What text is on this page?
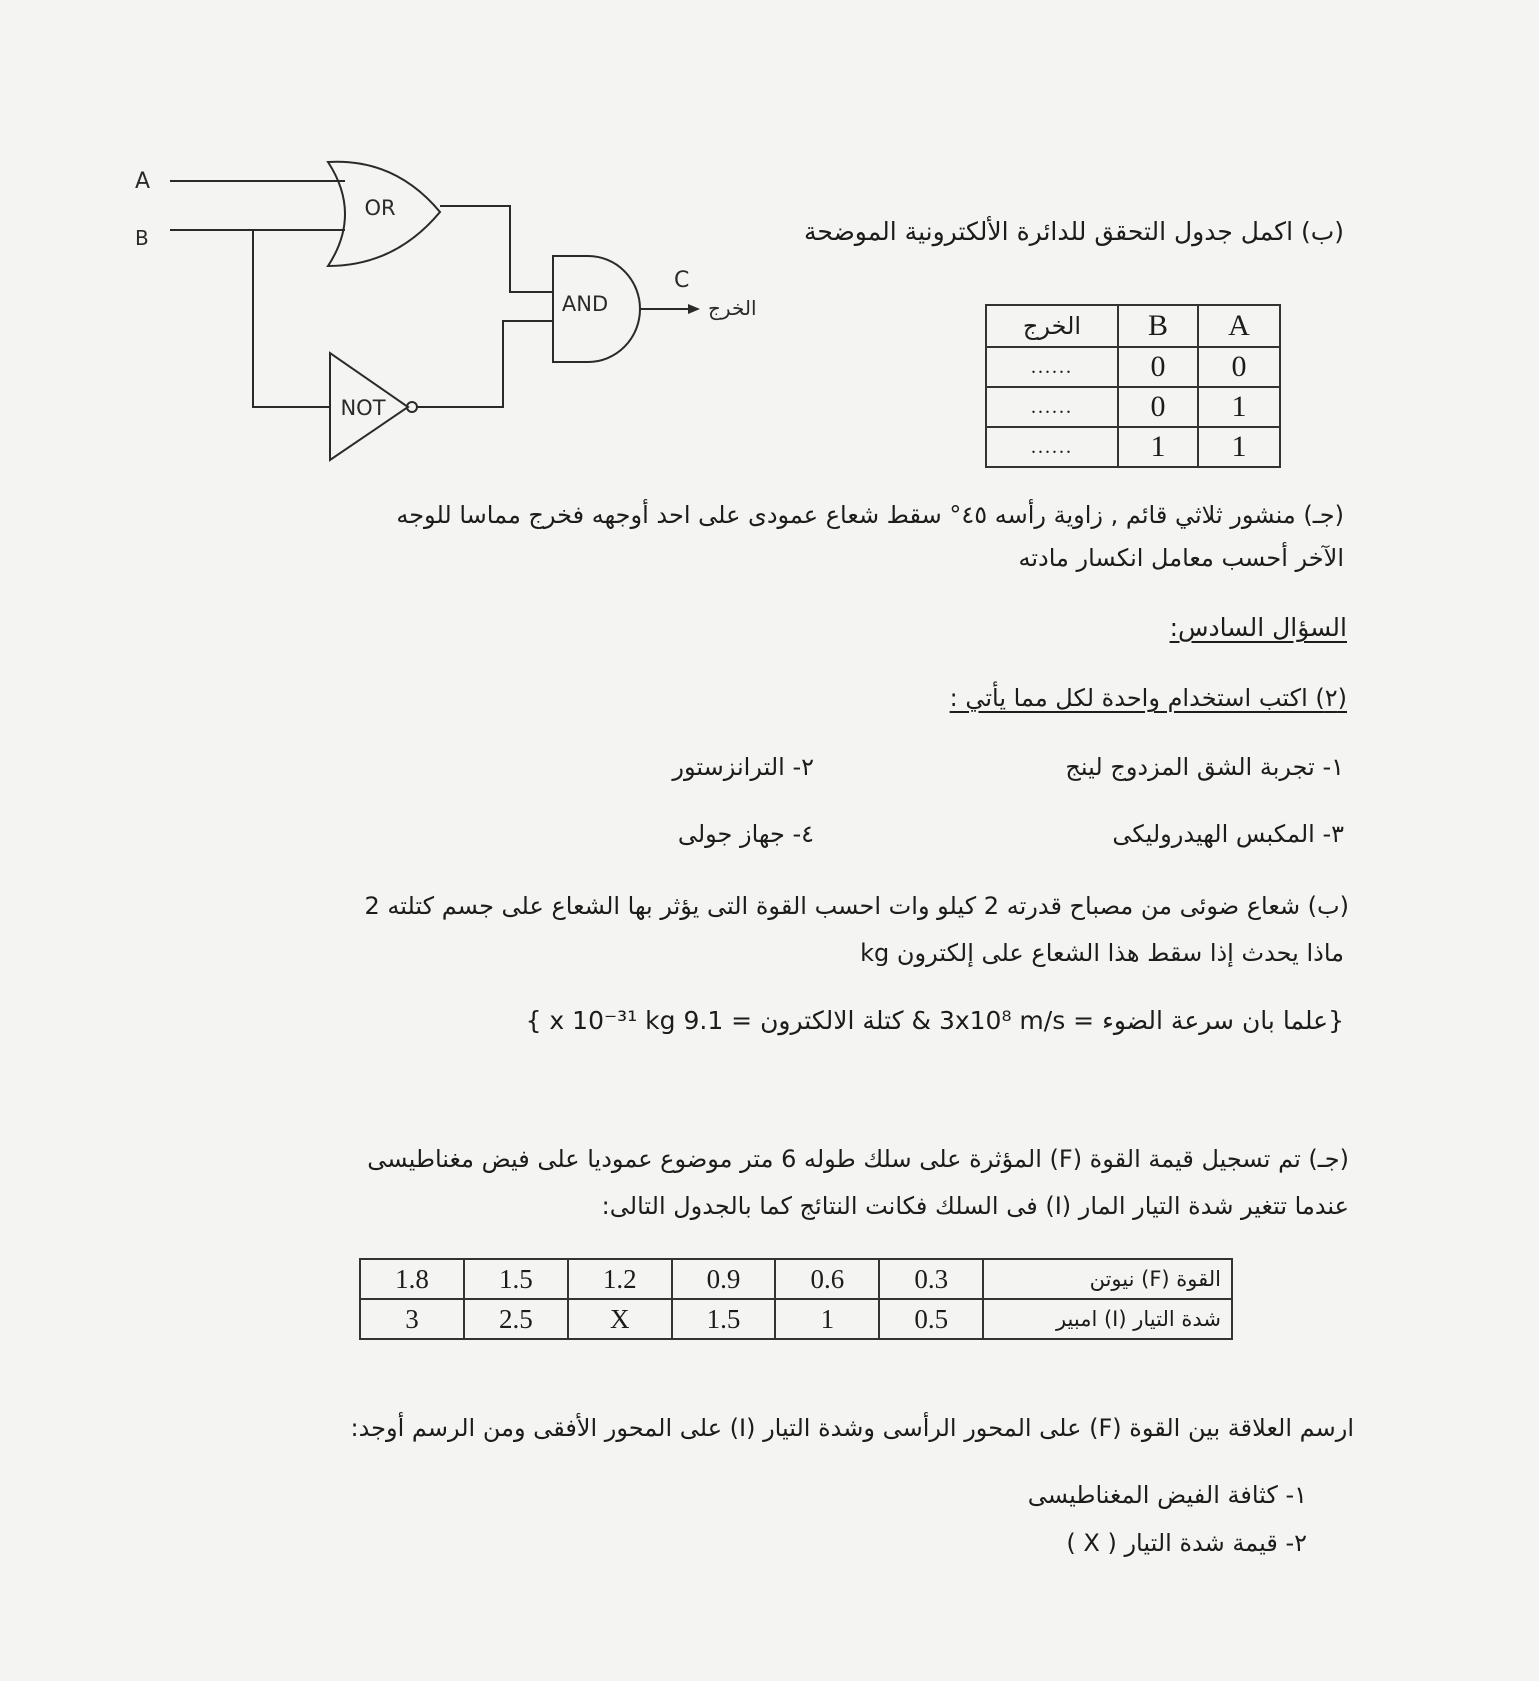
A
B
OR
NOT
AND
C
الخرج
(ب) اكمل جدول التحقق للدائرة الألكترونية الموضحة
A	B	الخرج
0	0	......
1	0	......
1	1	......
(جـ) منشور ثلاثي قائم , زاوية رأسه ٤٥° سقط شعاع عمودى على احد أوجهه فخرج مماسا للوجه
الآخر أحسب معامل انكسار مادته
السؤال السادس:
(٢) اكتب استخدام واحدة لكل مما يأتي :
١- تجربة الشق المزدوج لينج
٢- الترانزستور
٣- المكبس الهيدروليكى
٤- جهاز جولى
(ب) شعاع ضوئى من مصباح قدرته 2 كيلو وات احسب القوة التى يؤثر بها الشعاع على جسم كتلته 2
kg ماذا يحدث إذا سقط هذا الشعاع على إلكترون
{علما بان سرعة الضوء = 3x10⁸ m/s & كتلة الالكترون = 9.1 x 10⁻³¹ kg }
(جـ) تم تسجيل قيمة القوة (F) المؤثرة على سلك طوله 6 متر موضوع عموديا على فيض مغناطيسى
عندما تتغير شدة التيار المار (I) فى السلك فكانت النتائج كما بالجدول التالى:
القوة (F) نيوتن	0.3	0.6	0.9	1.2	1.5	1.8
شدة التيار (I) امبير	0.5	1	1.5	X	2.5	3
ارسم العلاقة بين القوة (F) على المحور الرأسى وشدة التيار (I) على المحور الأفقى ومن الرسم أوجد:
١- كثافة الفيض المغناطيسى
٢- قيمة شدة التيار ( X )
